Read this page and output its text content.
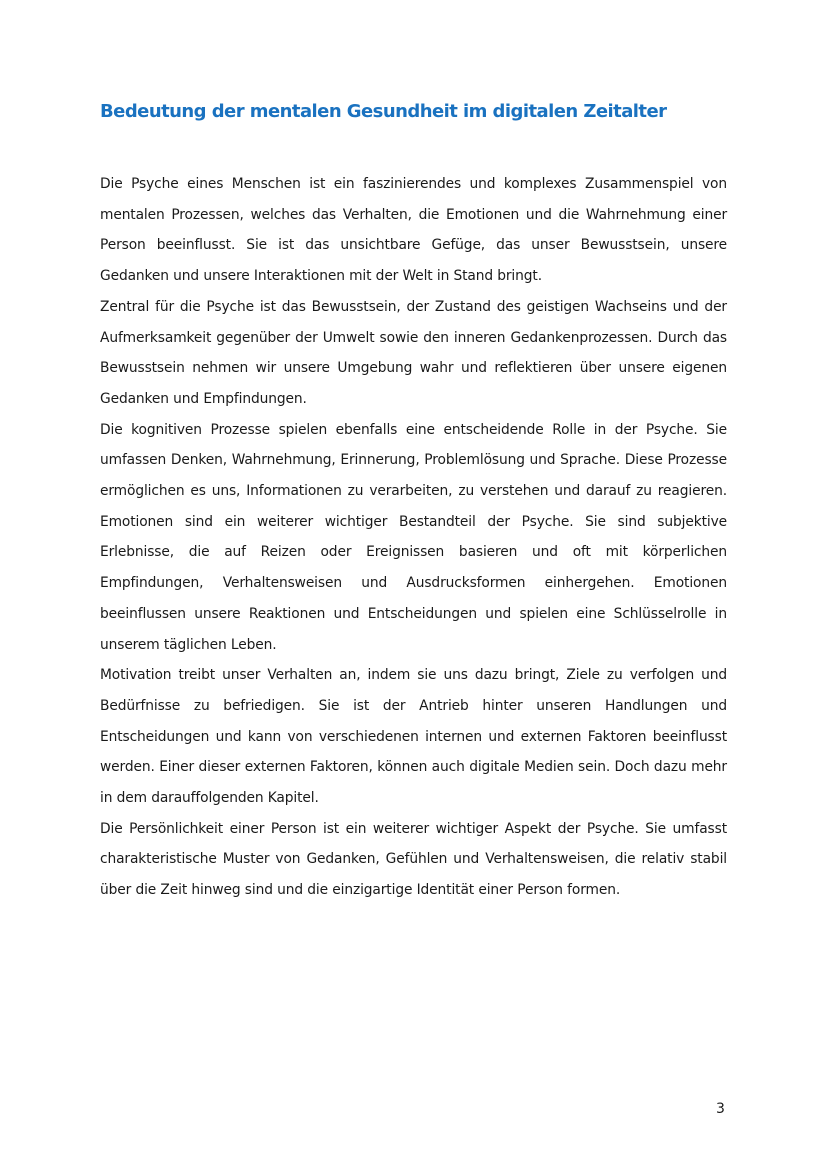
Bedeutung der mentalen Gesundheit im digitalen Zeitalter

Die Psyche eines Menschen ist ein faszinierendes und komplexes Zusammenspiel von mentalen Prozessen, welches das Verhalten, die Emotionen und die Wahrnehmung einer Person beeinflusst. Sie ist das unsichtbare Gefüge, das unser Bewusstsein, unsere Gedanken und unsere Interaktionen mit der Welt in Stand bringt.

Zentral für die Psyche ist das Bewusstsein, der Zustand des geistigen Wachseins und der Aufmerksamkeit gegenüber der Umwelt sowie den inneren Gedankenprozessen. Durch das Bewusstsein nehmen wir unsere Umgebung wahr und reflektieren über unsere eigenen Gedanken und Empfindungen.

Die kognitiven Prozesse spielen ebenfalls eine entscheidende Rolle in der Psyche. Sie umfassen Denken, Wahrnehmung, Erinnerung, Problemlösung und Sprache. Diese Prozesse ermöglichen es uns, Informationen zu verarbeiten, zu verstehen und darauf zu reagieren. Emotionen sind ein weiterer wichtiger Bestandteil der Psyche. Sie sind subjektive Erlebnisse, die auf Reizen oder Ereignissen basieren und oft mit körperlichen Empfindungen, Verhaltensweisen und Ausdrucksformen einhergehen. Emotionen beeinflussen unsere Reaktionen und Entscheidungen und spielen eine Schlüsselrolle in unserem täglichen Leben.

Motivation treibt unser Verhalten an, indem sie uns dazu bringt, Ziele zu verfolgen und Bedürfnisse zu befriedigen. Sie ist der Antrieb hinter unseren Handlungen und Entscheidungen und kann von verschiedenen internen und externen Faktoren beeinflusst werden. Einer dieser externen Faktoren, können auch digitale Medien sein. Doch dazu mehr in dem darauffolgenden Kapitel.

Die Persönlichkeit einer Person ist ein weiterer wichtiger Aspekt der Psyche. Sie umfasst charakteristische Muster von Gedanken, Gefühlen und Verhaltensweisen, die relativ stabil über die Zeit hinweg sind und die einzigartige Identität einer Person formen.

3
